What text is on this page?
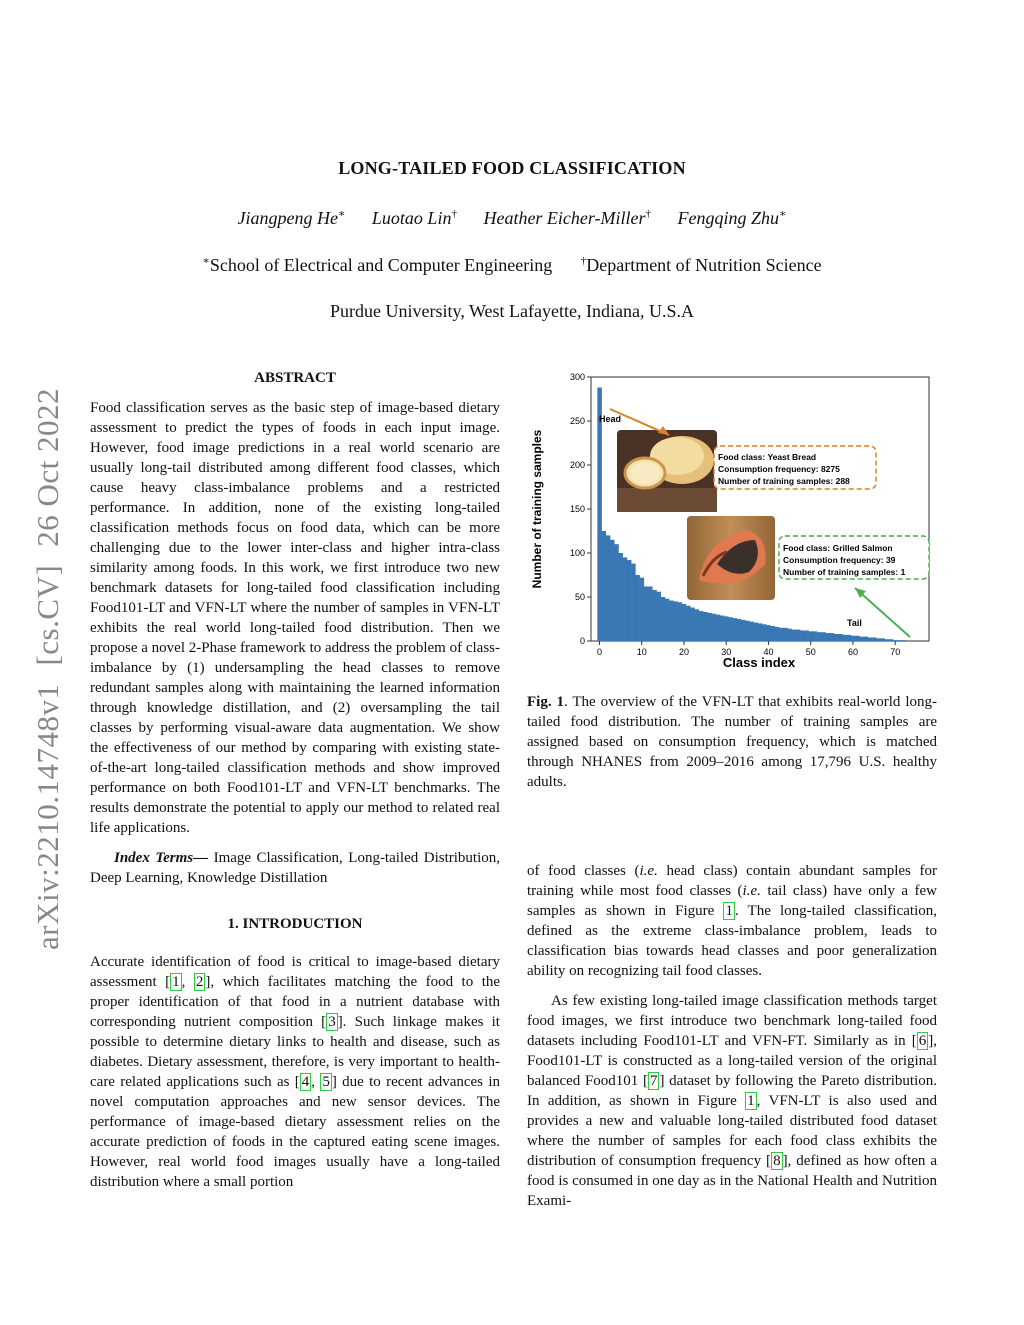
arXiv:2210.14748v1[cs.CV]26 Oct 2022
LONG-TAILED FOOD CLASSIFICATION
Jiangpeng He∗ Luotao Lin† Heather Eicher-Miller† Fengqing Zhu∗
∗School of Electrical and Computer Engineering	†Department of Nutrition Science
Purdue University, West Lafayette, Indiana, U.S.A
ABSTRACT

Food classification serves as the basic step of image-based dietary assessment to predict the types of foods in each input image. However, food image predictions in a real world scenario are usually long-tail distributed among different food classes, which cause heavy class-imbalance problems and a restricted performance. In addition, none of the existing long-tailed classification methods focus on food data, which can be more challenging due to the lower inter-class and higher intra-class similarity among foods. In this work, we first introduce two new benchmark datasets for long-tailed food classification including Food101-LT and VFN-LT where the number of samples in VFN-LT exhibits the real world long-tailed food distribution. Then we propose a novel 2-Phase framework to address the problem of class-imbalance by (1) undersampling the head classes to remove redundant samples along with maintaining the learned information through knowledge distillation, and (2) oversampling the tail classes by performing visual-aware data augmentation. We show the effectiveness of our method by comparing with existing state-of-the-art long-tailed classification methods and show improved performance on both Food101-LT and VFN-LT benchmarks. The results demonstrate the potential to apply our method to related real life applications.

Index Terms— Image Classification, Long-tailed Distribution, Deep Learning, Knowledge Distillation

1. INTRODUCTION

Accurate identification of food is critical to image-based dietary assessment [ 1 , 2 ], which facilitates matching the food to the proper identification of that food in a nutrient database with corresponding nutrient composition [ 3 ]. Such linkage makes it possible to determine dietary links to health and disease, such as diabetes. Dietary assessment, therefore, is very important to health-care related applications such as [ 4 , 5 ] due to recent advances in novel computation approaches and new sensor devices. The performance of image-based dietary assessment relies on the accurate prediction of foods in the captured eating scene images. However, real world food images usually have a long-tailed distribution where a small portion

0
50
100
150
200
250
300
0	10	20	30	40	50	60	70
Number of training samples
Class index
Head
Food class: Yeast Bread
Consumption frequency: 8275
Number of training samples: 288
Food class: Grilled Salmon
Consumption frequency: 39
Number of training samples: 1
Tail
Fig. 1. The overview of the VFN-LT that exhibits real-world long-tailed food distribution. The number of training samples are assigned based on consumption frequency, which is matched through NHANES from 2009–2016 among 17,796 U.S. healthy adults.

of food classes (i.e. head class) contain abundant samples for training while most food classes (i.e. tail class) have only a few samples as shown in Figure 1 . The long-tailed classification, defined as the extreme class-imbalance problem, leads to classification bias towards head classes and poor generalization ability on recognizing tail food classes.

As few existing long-tailed image classification methods target food images, we first introduce two benchmark long-tailed food datasets including Food101-LT and VFN-FT. Similarly as in [ 6 ], Food101-LT is constructed as a long-tailed version of the original balanced Food101 [ 7 ] dataset by following the Pareto distribution. In addition, as shown in Figure 1 , VFN-LT is also used and provides a new and valuable long-tailed distributed food dataset where the number of samples for each food class exhibits the distribution of consumption frequency [ 8 ], defined as how often a food is consumed in one day as in the National Health and Nutrition Exami-
